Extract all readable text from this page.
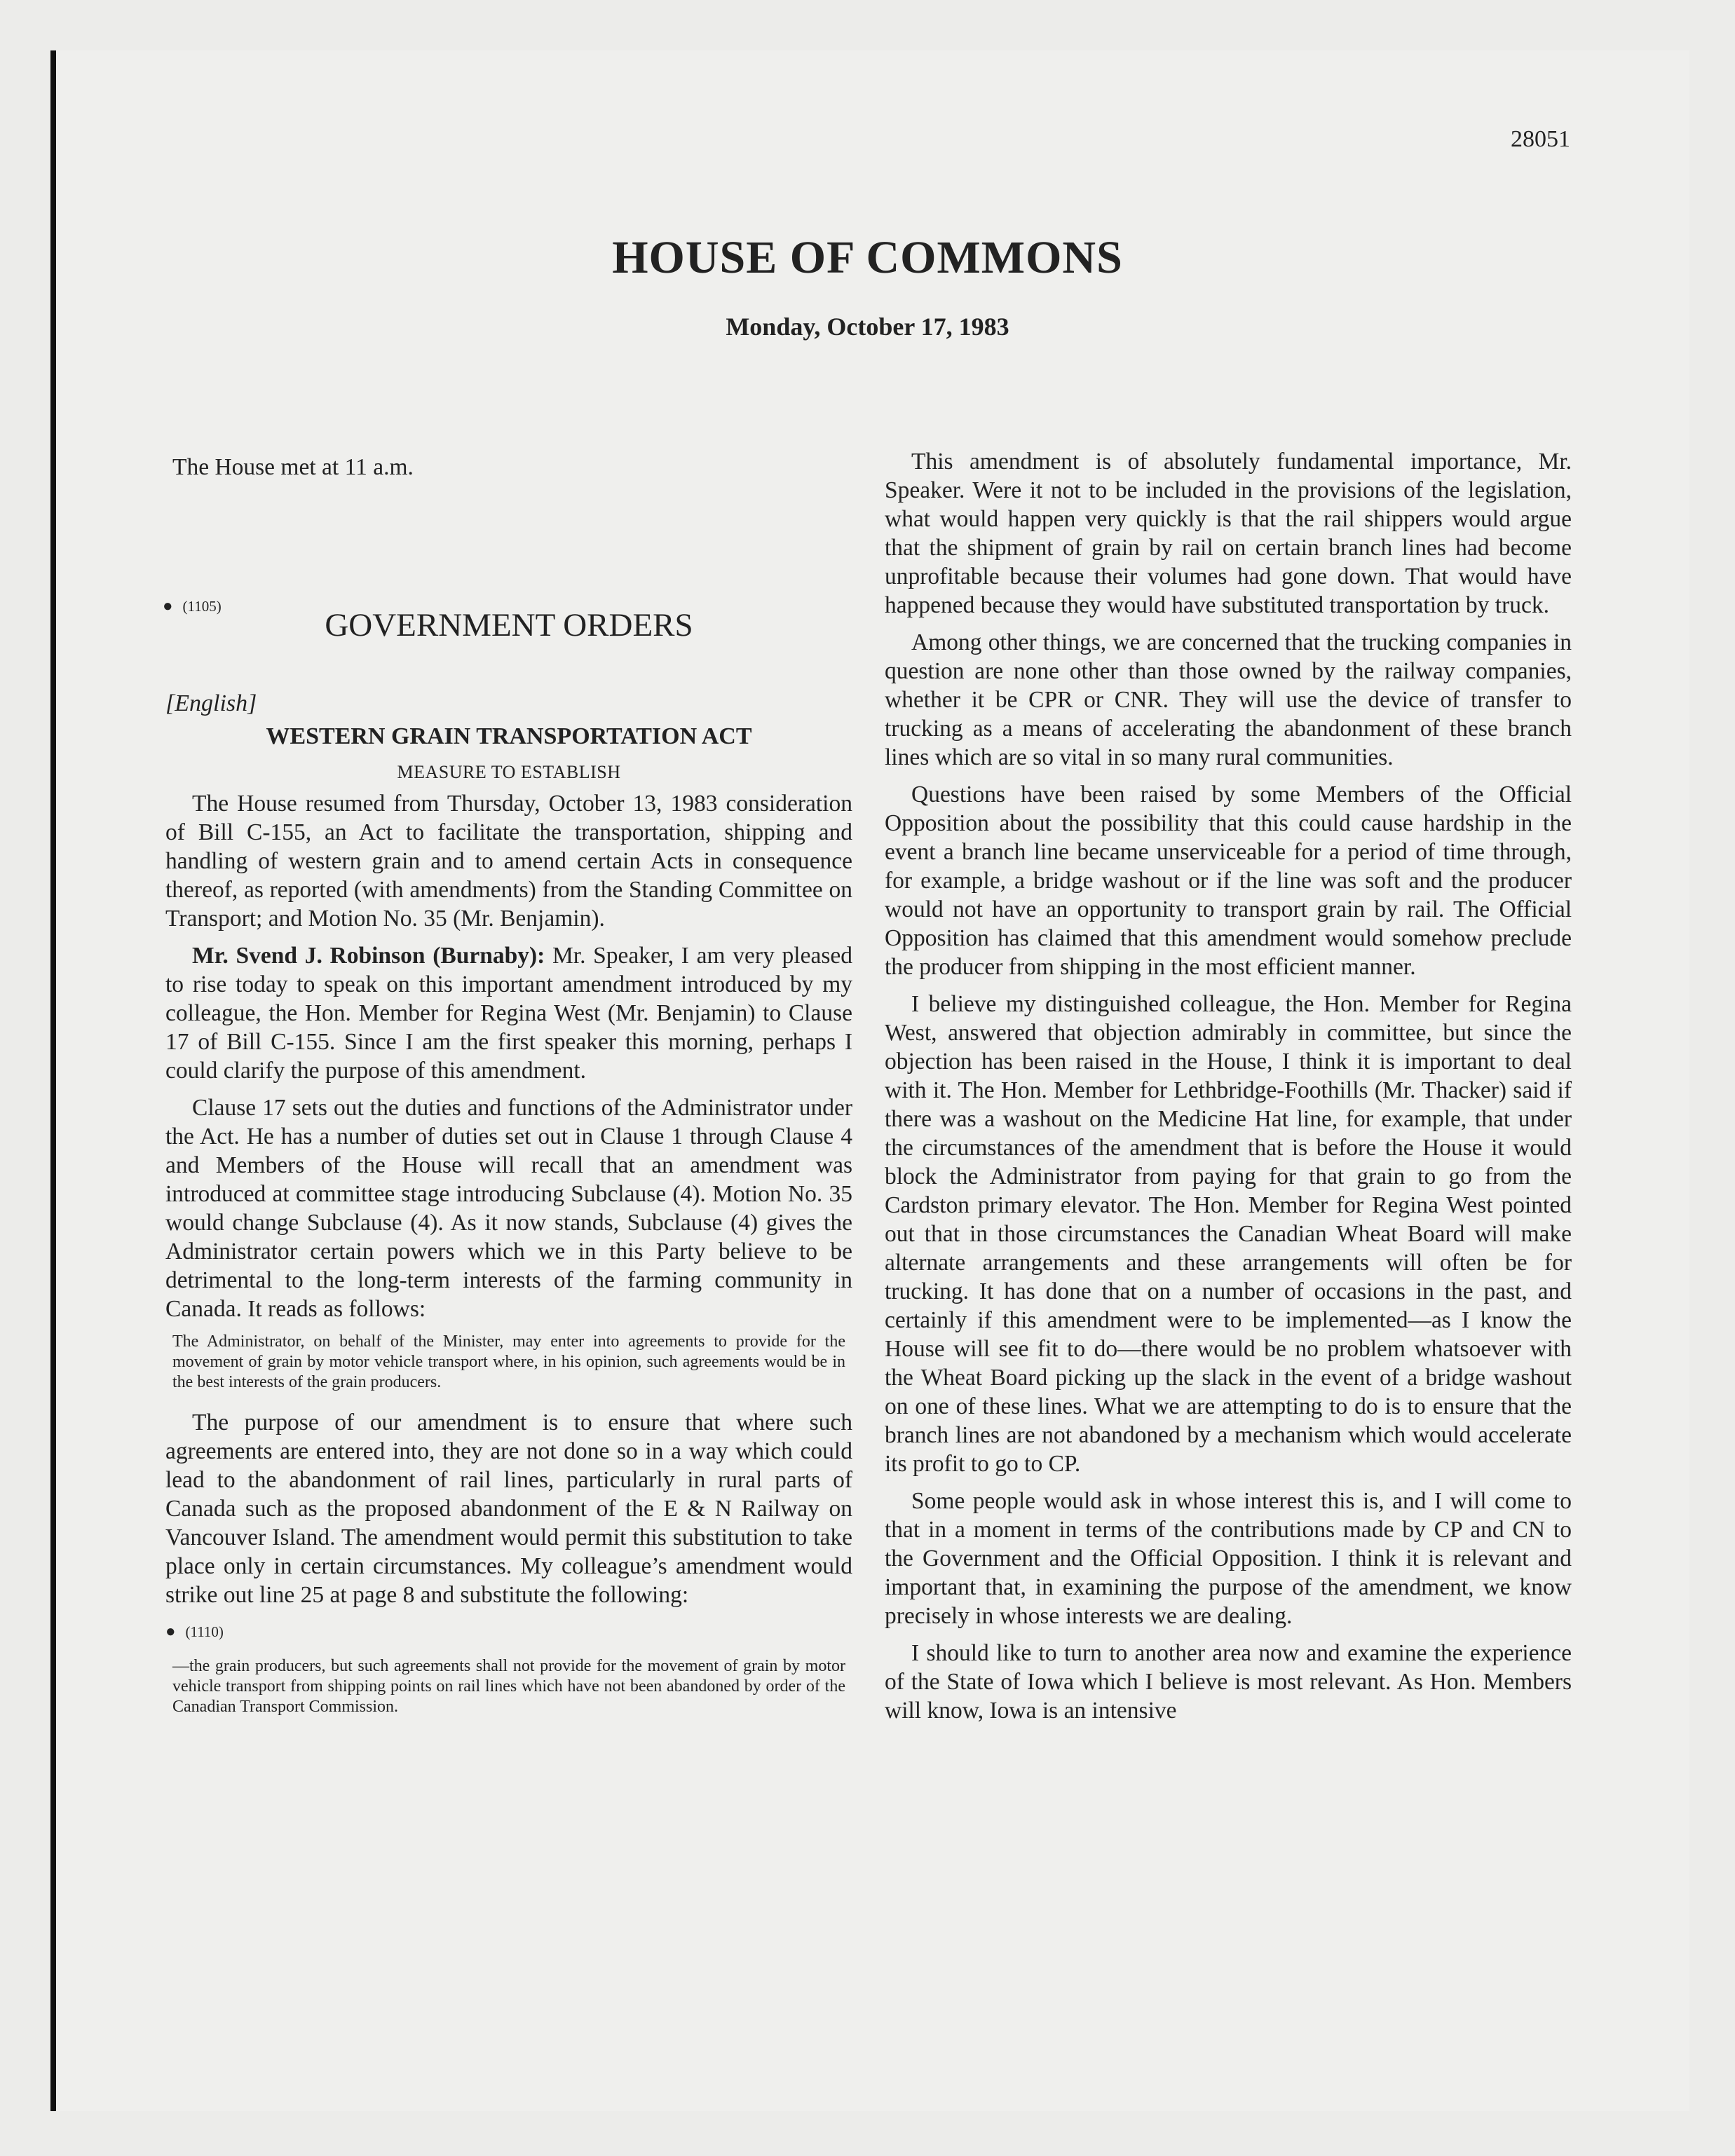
28051
HOUSE OF COMMONS
Monday, October 17, 1983

The House met at 11 a.m.

● (1105)

GOVERNMENT ORDERS

[English]

WESTERN GRAIN TRANSPORTATION ACT

MEASURE TO ESTABLISH

The House resumed from Thursday, October 13, 1983 consideration of Bill C-155, an Act to facilitate the transportation, shipping and handling of western grain and to amend certain Acts in consequence thereof, as reported (with amendments) from the Standing Committee on Transport; and Motion No. 35 (Mr. Benjamin).

Mr. Svend J. Robinson (Burnaby): Mr. Speaker, I am very pleased to rise today to speak on this important amendment introduced by my colleague, the Hon. Member for Regina West (Mr. Benjamin) to Clause 17 of Bill C-155. Since I am the first speaker this morning, perhaps I could clarify the purpose of this amendment.

Clause 17 sets out the duties and functions of the Administrator under the Act. He has a number of duties set out in Clause 1 through Clause 4 and Members of the House will recall that an amendment was introduced at committee stage introducing Subclause (4). Motion No. 35 would change Subclause (4). As it now stands, Subclause (4) gives the Administrator certain powers which we in this Party believe to be detrimental to the long-term interests of the farming community in Canada. It reads as follows:

The Administrator, on behalf of the Minister, may enter into agreements to provide for the movement of grain by motor vehicle transport where, in his opinion, such agreements would be in the best interests of the grain producers.

The purpose of our amendment is to ensure that where such agreements are entered into, they are not done so in a way which could lead to the abandonment of rail lines, particularly in rural parts of Canada such as the proposed abandonment of the E & N Railway on Vancouver Island. The amendment would permit this substitution to take place only in certain circumstances. My colleague’s amendment would strike out line 25 at page 8 and substitute the following:

● (1110)

—the grain producers, but such agreements shall not provide for the movement of grain by motor vehicle transport from shipping points on rail lines which have not been abandoned by order of the Canadian Transport Commission.

This amendment is of absolutely fundamental importance, Mr. Speaker. Were it not to be included in the provisions of the legislation, what would happen very quickly is that the rail shippers would argue that the shipment of grain by rail on certain branch lines had become unprofitable because their volumes had gone down. That would have happened because they would have substituted transportation by truck.

Among other things, we are concerned that the trucking companies in question are none other than those owned by the railway companies, whether it be CPR or CNR. They will use the device of transfer to trucking as a means of accelerating the abandonment of these branch lines which are so vital in so many rural communities.

Questions have been raised by some Members of the Official Opposition about the possibility that this could cause hardship in the event a branch line became unserviceable for a period of time through, for example, a bridge washout or if the line was soft and the producer would not have an opportunity to transport grain by rail. The Official Opposition has claimed that this amendment would somehow preclude the producer from shipping in the most efficient manner.

I believe my distinguished colleague, the Hon. Member for Regina West, answered that objection admirably in committee, but since the objection has been raised in the House, I think it is important to deal with it. The Hon. Member for Lethbridge-Foothills (Mr. Thacker) said if there was a washout on the Medicine Hat line, for example, that under the circumstances of the amendment that is before the House it would block the Administrator from paying for that grain to go from the Cardston primary elevator. The Hon. Member for Regina West pointed out that in those circumstances the Canadian Wheat Board will make alternate arrangements and these arrangements will often be for trucking. It has done that on a number of occasions in the past, and certainly if this amendment were to be implemented—as I know the House will see fit to do—there would be no problem whatsoever with the Wheat Board picking up the slack in the event of a bridge washout on one of these lines. What we are attempting to do is to ensure that the branch lines are not abandoned by a mechanism which would accelerate its profit to go to CP.

Some people would ask in whose interest this is, and I will come to that in a moment in terms of the contributions made by CP and CN to the Government and the Official Opposition. I think it is relevant and important that, in examining the purpose of the amendment, we know precisely in whose interests we are dealing.

I should like to turn to another area now and examine the experience of the State of Iowa which I believe is most relevant. As Hon. Members will know, Iowa is an intensive
